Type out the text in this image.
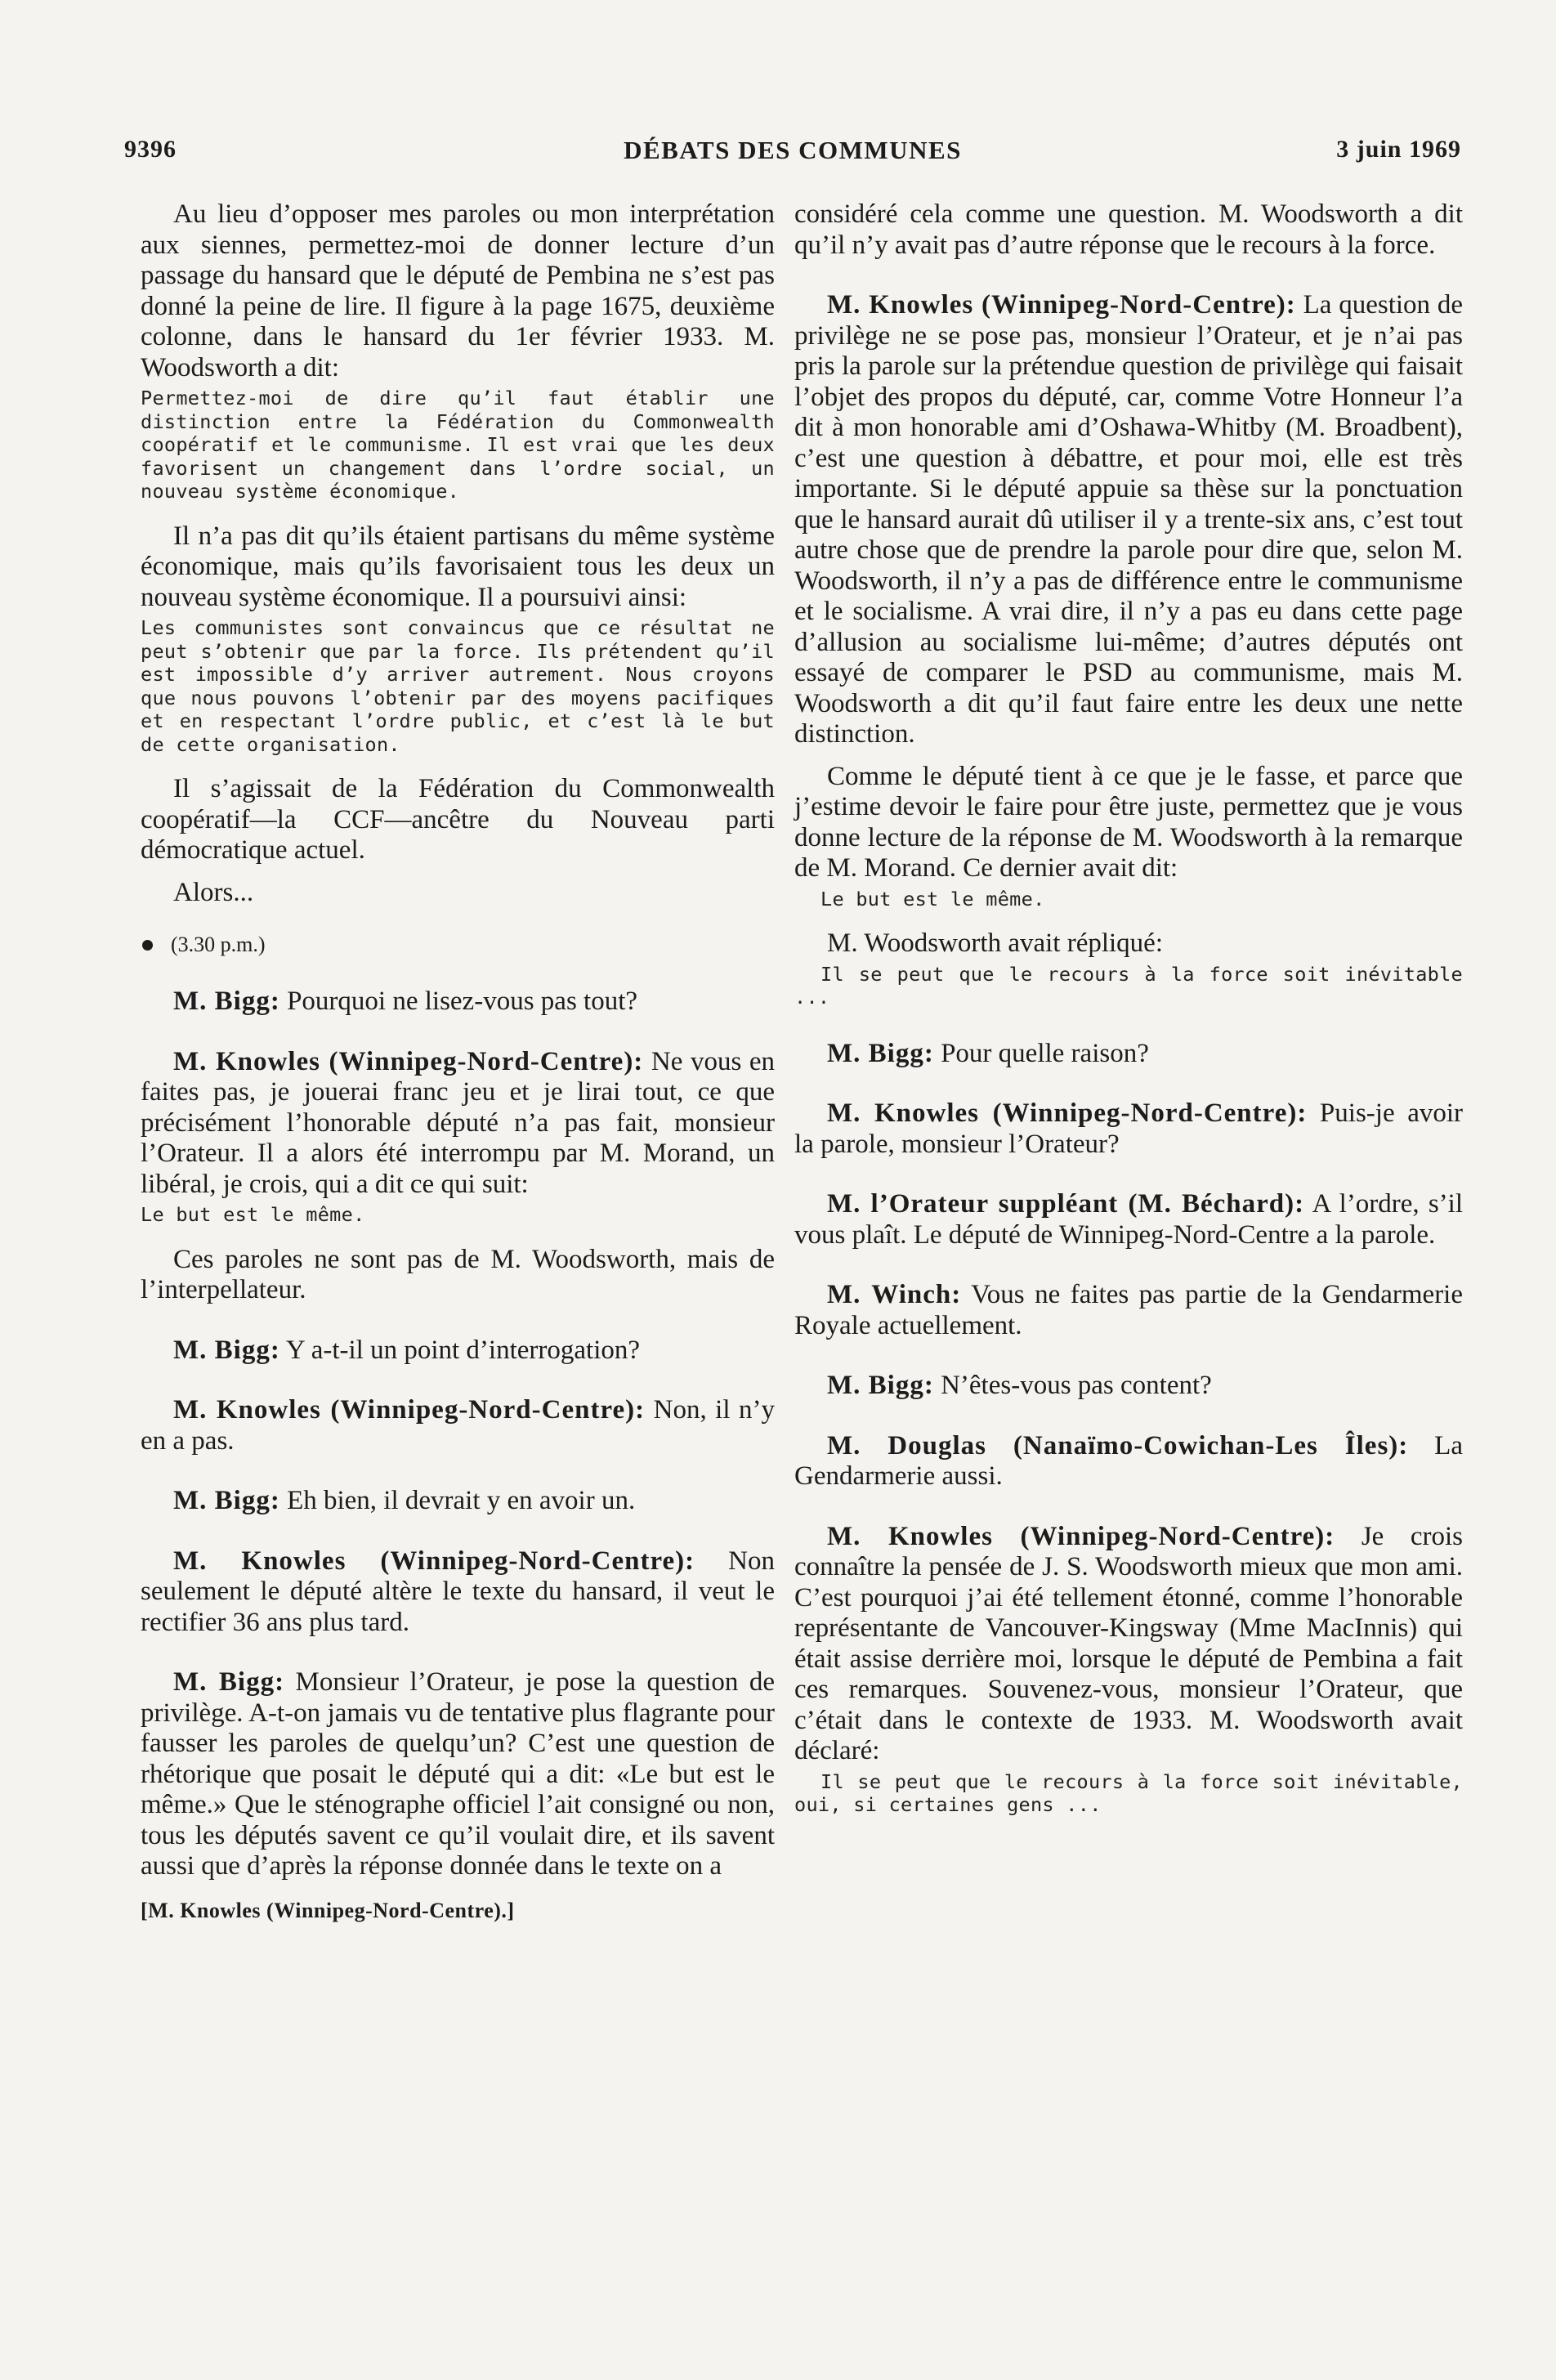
9396	DÉBATS DES COMMUNES	3 juin 1969

Au lieu d’opposer mes paroles ou mon interprétation aux siennes, permettez-moi de donner lecture d’un passage du hansard que le député de Pembina ne s’est pas donné la peine de lire. Il figure à la page 1675, deuxième colonne, dans le hansard du 1er février 1933. M. Woodsworth a dit:

Permettez-moi de dire qu’il faut établir une distinction entre la Fédération du Commonwealth coopératif et le communisme. Il est vrai que les deux favorisent un changement dans l’ordre social, un nouveau système économique.

Il n’a pas dit qu’ils étaient partisans du même système économique, mais qu’ils favorisaient tous les deux un nouveau système économique. Il a poursuivi ainsi:

Les communistes sont convaincus que ce résultat ne peut s’obtenir que par la force. Ils prétendent qu’il est impossible d’y arriver autrement. Nous croyons que nous pouvons l’obtenir par des moyens pacifiques et en respectant l’ordre public, et c’est là le but de cette organisation.

Il s’agissait de la Fédération du Commonwealth coopératif—la CCF—ancêtre du Nouveau parti démocratique actuel.

Alors...

(3.30 p.m.)

M. Bigg: Pourquoi ne lisez-vous pas tout?

M. Knowles (Winnipeg-Nord-Centre): Ne vous en faites pas, je jouerai franc jeu et je lirai tout, ce que précisément l’honorable député n’a pas fait, monsieur l’Orateur. Il a alors été interrompu par M. Morand, un libéral, je crois, qui a dit ce qui suit:

Le but est le même.

Ces paroles ne sont pas de M. Woodsworth, mais de l’interpellateur.

M. Bigg: Y a-t-il un point d’interrogation?

M. Knowles (Winnipeg-Nord-Centre): Non, il n’y en a pas.

M. Bigg: Eh bien, il devrait y en avoir un.

M. Knowles (Winnipeg-Nord-Centre): Non seulement le député altère le texte du hansard, il veut le rectifier 36 ans plus tard.

M. Bigg: Monsieur l’Orateur, je pose la question de privilège. A-t-on jamais vu de tentative plus flagrante pour fausser les paroles de quelqu’un? C’est une question de rhétorique que posait le député qui a dit: «Le but est le même.» Que le sténographe officiel l’ait consigné ou non, tous les députés savent ce qu’il voulait dire, et ils savent aussi que d’après la réponse donnée dans le texte on a

[M. Knowles (Winnipeg-Nord-Centre).]

considéré cela comme une question. M. Woodsworth a dit qu’il n’y avait pas d’autre réponse que le recours à la force.

M. Knowles (Winnipeg-Nord-Centre): La question de privilège ne se pose pas, monsieur l’Orateur, et je n’ai pas pris la parole sur la prétendue question de privilège qui faisait l’objet des propos du député, car, comme Votre Honneur l’a dit à mon honorable ami d’Oshawa-Whitby (M. Broadbent), c’est une question à débattre, et pour moi, elle est très importante. Si le député appuie sa thèse sur la ponctuation que le hansard aurait dû utiliser il y a trente-six ans, c’est tout autre chose que de prendre la parole pour dire que, selon M. Woodsworth, il n’y a pas de différence entre le communisme et le socialisme. A vrai dire, il n’y a pas eu dans cette page d’allusion au socialisme lui-même; d’autres députés ont essayé de comparer le PSD au communisme, mais M. Woodsworth a dit qu’il faut faire entre les deux une nette distinction.

Comme le député tient à ce que je le fasse, et parce que j’estime devoir le faire pour être juste, permettez que je vous donne lecture de la réponse de M. Woodsworth à la remarque de M. Morand. Ce dernier avait dit:

Le but est le même.

M. Woodsworth avait répliqué:

Il se peut que le recours à la force soit inévitable ...

M. Bigg: Pour quelle raison?

M. Knowles (Winnipeg-Nord-Centre): Puis-je avoir la parole, monsieur l’Orateur?

M. l’Orateur suppléant (M. Béchard): A l’ordre, s’il vous plaît. Le député de Winnipeg-Nord-Centre a la parole.

M. Winch: Vous ne faites pas partie de la Gendarmerie Royale actuellement.

M. Bigg: N’êtes-vous pas content?

M. Douglas (Nanaïmo-Cowichan-Les Îles): La Gendarmerie aussi.

M. Knowles (Winnipeg-Nord-Centre): Je crois connaître la pensée de J. S. Woodsworth mieux que mon ami. C’est pourquoi j’ai été tellement étonné, comme l’honorable représentante de Vancouver-Kingsway (Mme MacInnis) qui était assise derrière moi, lorsque le député de Pembina a fait ces remarques. Souvenez-vous, monsieur l’Orateur, que c’était dans le contexte de 1933. M. Woodsworth avait déclaré:

Il se peut que le recours à la force soit inévitable, oui, si certaines gens ...
